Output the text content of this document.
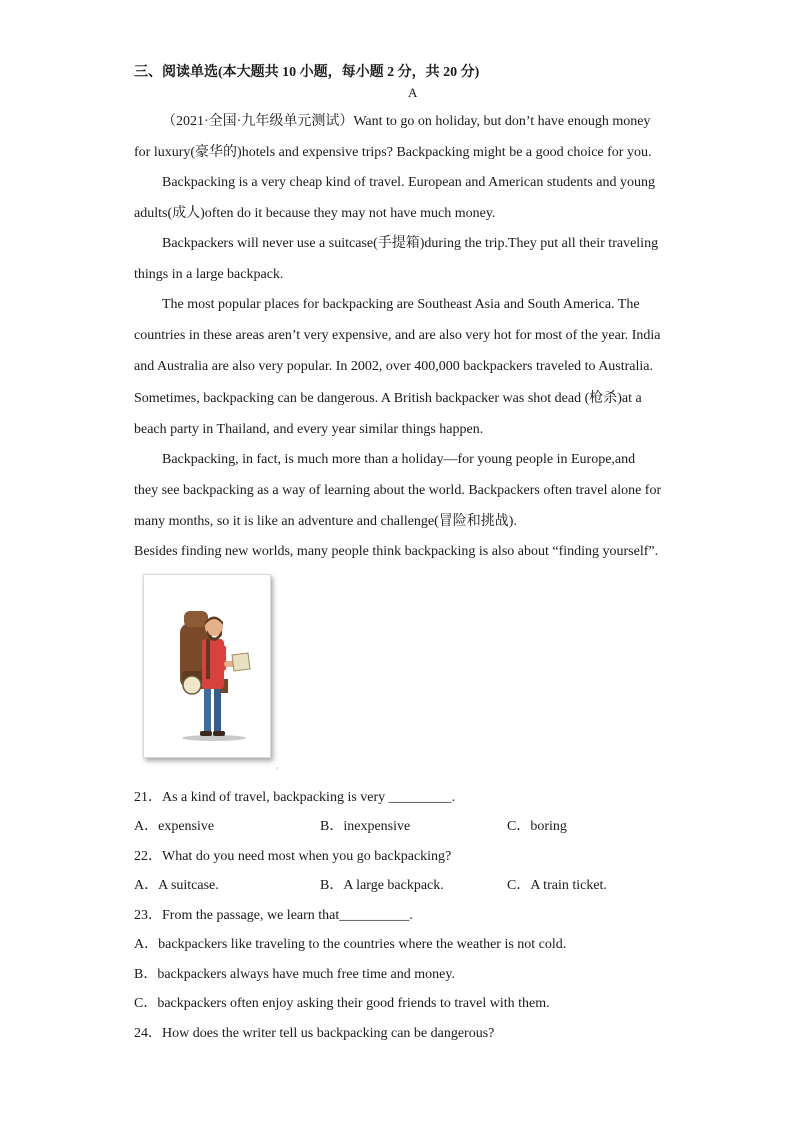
三、阅读单选(本大题共 10 小题，每小题 2 分，共 20 分)
A
（2021·全国·九年级单元测试）Want to go on holiday, but don’t have enough money
for luxury(豪华的)hotels and expensive trips? Backpacking might be a good choice for you.
Backpacking is a very cheap kind of travel. European and American students and young
adults(成人)often do it because they may not have much money.
Backpackers will never use a suitcase(手提箱)during the trip.They put all their traveling
things in a large backpack.
The most popular places for backpacking are Southeast Asia and South America. The
countries in these areas aren’t very expensive, and are also very hot for most of the year. India
and Australia are also very popular. In 2002, over 400,000 backpackers traveled to Australia.
Sometimes, backpacking can be dangerous. A British backpacker was shot dead (枪杀)at a
beach party in Thailand, and every year similar things happen.
Backpacking, in fact, is much more than a holiday—for young people in Europe,and
they see backpacking as a way of learning about the world. Backpackers often travel alone for
many months, so it is like an adventure and challenge(冒险和挑战).
Besides finding new worlds, many people think backpacking is also about “finding yourself”.
·
21．As a kind of travel, backpacking is very _________.
A．expensive	B．inexpensive	C．boring
22．What do you need most when you go backpacking?
A．A suitcase.	B．A large backpack.	C．A train ticket.
23．From the passage, we learn that__________.
A．backpackers like traveling to the countries where the weather is not cold.
B．backpackers always have much free time and money.
C．backpackers often enjoy asking their good friends to travel with them.
24．How does the writer tell us backpacking can be dangerous?
